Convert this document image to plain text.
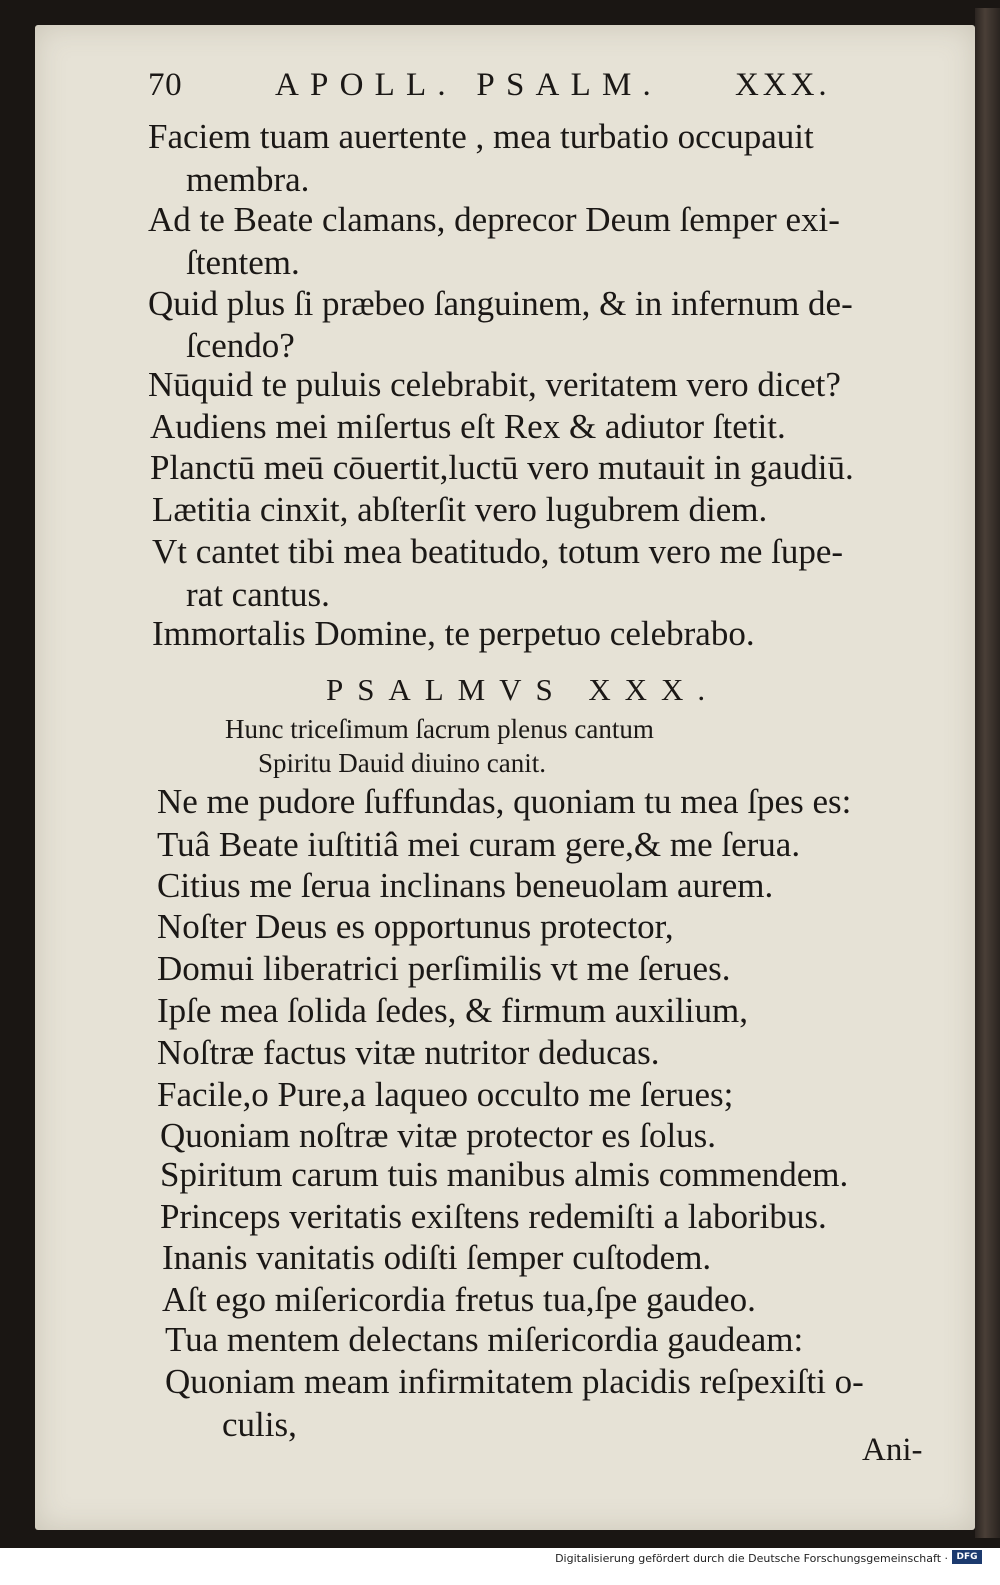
70	APOLL. PSALM. XXX.

Faciem tuam auertente , mea turbatio occupauit

membra.

Ad te Beate clamans, deprecor Deum ſemper exi-

ſtentem.

Quid plus ſi præbeo ſanguinem, & in infernum de-

ſcendo?

Nūquid te puluis celebrabit, veritatem vero dicet?

Audiens mei miſertus eſt Rex & adiutor ſtetit.

Planctū meū cōuertit,luctū vero mutauit in gaudiū.

Lætitia cinxit, abſterſit vero lugubrem diem.

Vt cantet tibi mea beatitudo, totum vero me ſupe-

rat cantus.

Immortalis Domine, te perpetuo celebrabo.

PSALMVS XXX.

Hunc triceſimum ſacrum plenus cantum

Spiritu Dauid diuino canit.

Ne me pudore ſuffundas, quoniam tu mea ſpes es:

Tuâ Beate iuſtitiâ mei curam gere,& me ſerua.

Citius me ſerua inclinans beneuolam aurem.

Noſter Deus es opportunus protector,

Domui liberatrici perſimilis vt me ſerues.

Ipſe mea ſolida ſedes, & firmum auxilium,

Noſtræ factus vitæ nutritor deducas.

Facile,o Pure,a laqueo occulto me ſerues;

Quoniam noſtræ vitæ protector es ſolus.

Spiritum carum tuis manibus almis commendem.

Princeps veritatis exiſtens redemiſti a laboribus.

Inanis vanitatis odiſti ſemper cuſtodem.

Aſt ego miſericordia fretus tua,ſpe gaudeo.

Tua mentem delectans miſericordia gaudeam:

Quoniam meam infirmitatem placidis reſpexiſti o-

culis,

Ani-

Digitalisierung gefördert durch die Deutsche Forschungsgemeinschaft · DFG
